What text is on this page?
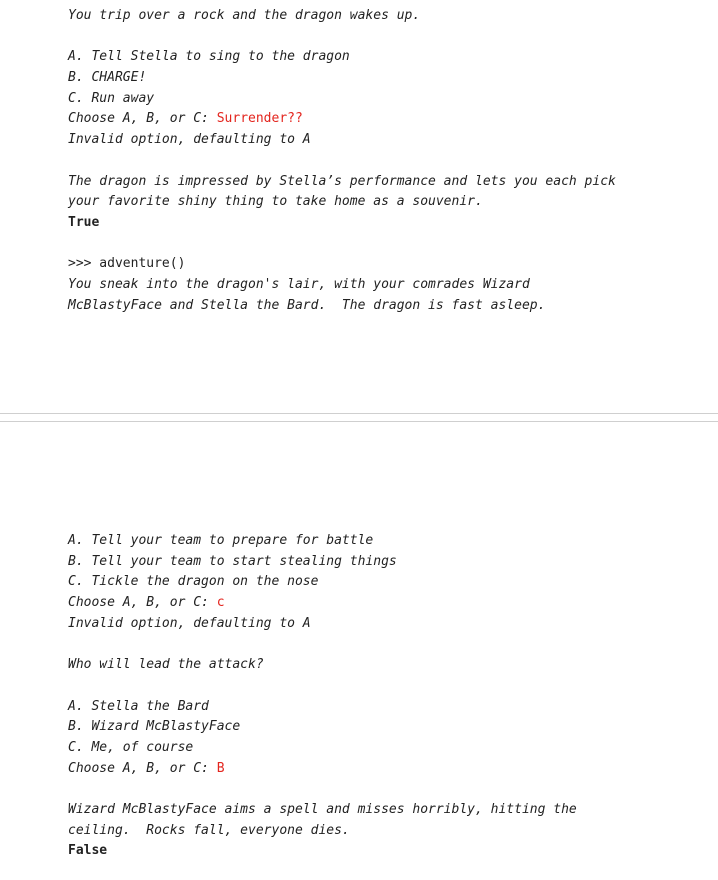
You trip over a rock and the dragon wakes up.
A. Tell Stella to sing to the dragon
B. CHARGE!
C. Run away
Choose A, B, or C: Surrender??
Invalid option, defaulting to A
The dragon is impressed by Stella’s performance and lets you each pick
your favorite shiny thing to take home as a souvenir.
True
>>> adventure()
You sneak into the dragon's lair, with your comrades Wizard
McBlastyFace and Stella the Bard.  The dragon is fast asleep.
A. Tell your team to prepare for battle
B. Tell your team to start stealing things
C. Tickle the dragon on the nose
Choose A, B, or C: c
Invalid option, defaulting to A
Who will lead the attack?
A. Stella the Bard
B. Wizard McBlastyFace
C. Me, of course
Choose A, B, or C: B
Wizard McBlastyFace aims a spell and misses horribly, hitting the
ceiling.  Rocks fall, everyone dies.
False
